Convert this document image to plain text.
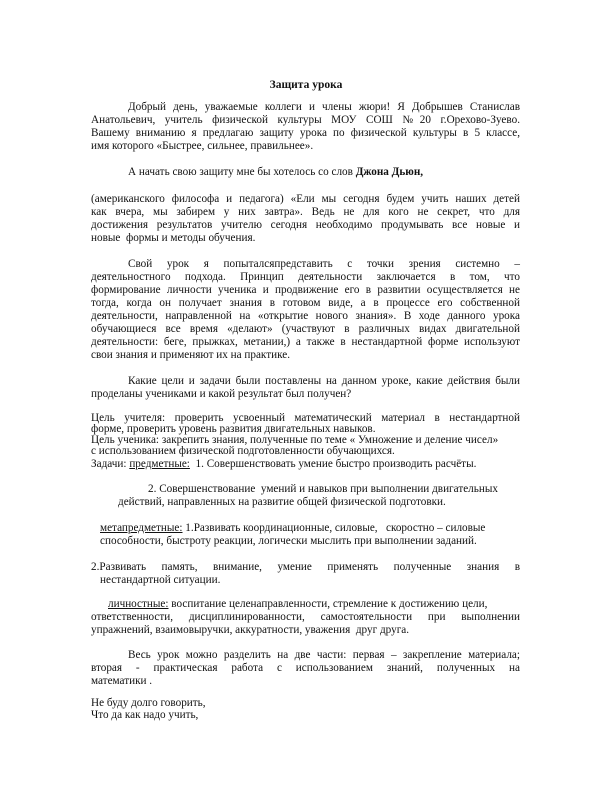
Защита урока
Добрый день, уважаемые коллеги и члены жюри! Я Добрышев Станислав
Анатольевич, учитель физической культуры МОУ СОШ №20 г.Орехово-Зуево.
Вашему вниманию я предлагаю защиту урока по физической культуры в 5 классе,
имя которого «Быстрее, сильнее, правильнее».
А начать свою защиту мне бы хотелось со слов Джона Дьюн,
(американского философа и педагога) «Ели мы сегодня будем учить наших детей
как вчера, мы забирем у них завтра». Ведь не для кого не секрет, что для
достижения результатов учителю сегодня необходимо продумывать все новые и
новые  формы и методы обучения.
Свой урок я попыталсяпредставить с точки зрения системно –
деятельностного подхода. Принцип деятельности заключается в том, что
формирование личности ученика и продвижение его в развитии осуществляется не
тогда, когда он получает знания в готовом виде, а в процессе его собственной
деятельности, направленной на «открытие нового знания». В ходе данного урока
обучающиеся все время «делают» (участвуют в различных видах двигательной
деятельности: беге, прыжках, метании,) а также в нестандартной форме используют
свои знания и применяют их на практике.
Какие цели и задачи были поставлены на данном уроке, какие действия были
проделаны учениками и какой результат был получен?
Цель учителя: проверить усвоенный математический материал в нестандартной
форме, проверить уровень развития двигательных навыков.
Цель ученика: закрепить знания, полученные по теме « Умножение и деление чисел»
с использованием физической подготовленности обучающихся.
Задачи: предметные:  1. Совершенствовать умение быстро производить расчёты.
2. Совершенствование  умений и навыков при выполнении двигательных
действий, направленных на развитие общей физической подготовки.
метапредметные: 1.Развивать координационные, силовые,   скоростно – силовые
способности, быстроту реакции, логически мыслить при выполнении заданий.
2.Развивать память, внимание, умение применять полученные знания в
нестандартной ситуации.
личностные: воспитание целенаправленности, стремление к достижению цели,
ответственности, дисциплинированности, самостоятельности при выполнении
упражнений, взаимовыручки, аккуратности, уважения  друг друга.
Весь урок можно разделить на две части: первая – закрепление материала;
вторая - практическая работа с использованием знаний, полученных на
математики .
Не буду долго говорить,
Что да как надо учить,
